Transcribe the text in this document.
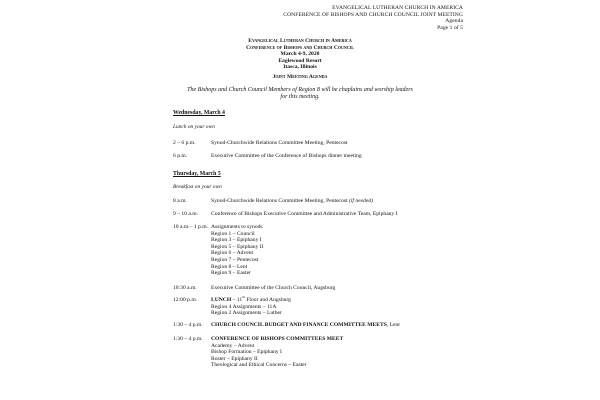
EVANGELICAL LUTHERAN CHURCH IN AMERICA
CONFERENCE OF BISHOPS AND CHURCH COUNCIL JOINT MEETING
Agenda
Page 1 of 5
Evangelical Lutheran Church in America
Conference of Bishops and Church Council
March 4-9, 2020
Eaglewood Resort
Itasca, Illinois
Joint Meeting Agenda
The Bishops and Church Council Members of Region 8 will be chaplains and worship leaders
for this meeting.
Wednesday, March 4
Lunch on your own
2 – 6 p.m.	Synod-Churchwide Relations Committee Meeting, Pentecost
6 p.m.	Executive Committee of the Conference of Bishops dinner meeting
Thursday, March 5
Breakfast on your own
8 a.m.	Synod-Churchwide Relations Committee Meeting, Pentecost (if needed)
9 – 10 a.m.	Conference of Bishops Executive Committee and Administrative Team, Epiphany I
10 a.m.– 1 p.m. Assignments to synods
Region 1 – Council
Region 3 – Epiphany I
Region 5 – Epiphany II
Region 6 – Advent
Region 7 – Pentecost
Region 8 – Lent
Region 9 – Easter
10:30 a.m.	Executive Committee of the Church Council, Augsburg
12:00 p.m.	LUNCH – 11th Floor and Augsburg
Region 4 Assignments – 11A
Region 2 Assignments – Luther
1:30 – 4 p.m.	CHURCH COUNCIL BUDGET AND FINANCE COMMITTEE MEETS, Lent
1:30 – 4 p.m.	CONFERENCE OF BISHOPS COMMITTEES MEET
Academy – Advent
Bishop Formation – Epiphany I
Roster – Epiphany II
Theological and Ethical Concerns – Easter
